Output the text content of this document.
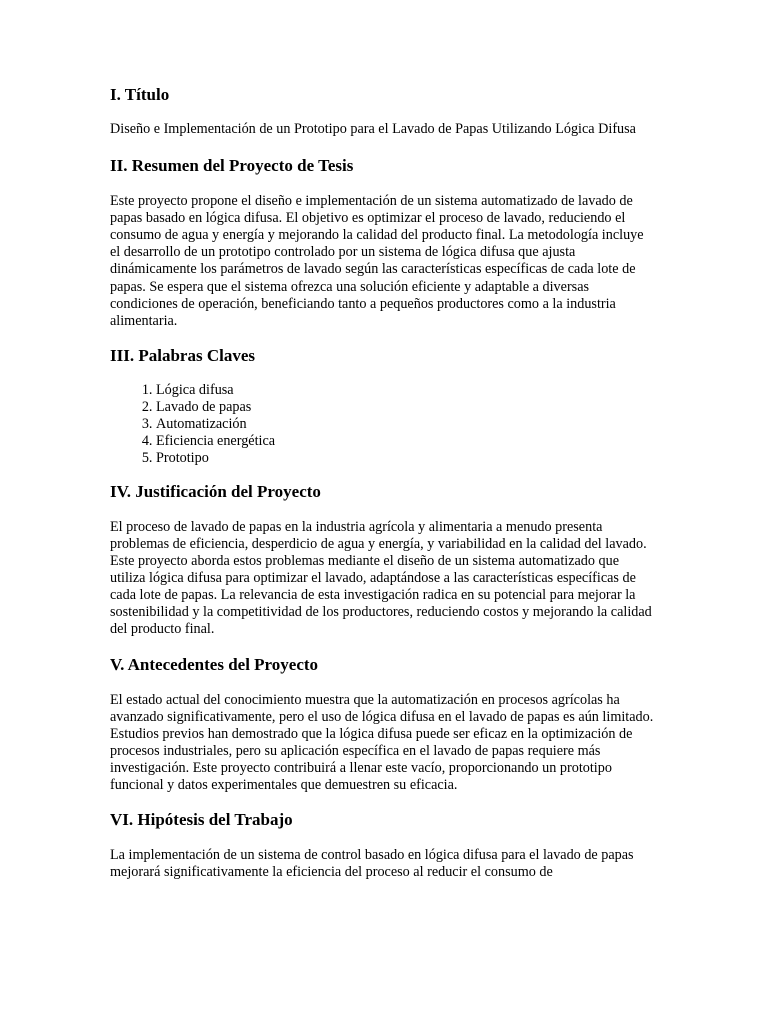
I. Título

Diseño e Implementación de un Prototipo para el Lavado de Papas Utilizando Lógica Difusa

II. Resumen del Proyecto de Tesis

Este proyecto propone el diseño e implementación de un sistema automatizado de lavado de papas basado en lógica difusa. El objetivo es optimizar el proceso de lavado, reduciendo el consumo de agua y energía y mejorando la calidad del producto final. La metodología incluye el desarrollo de un prototipo controlado por un sistema de lógica difusa que ajusta dinámicamente los parámetros de lavado según las características específicas de cada lote de papas. Se espera que el sistema ofrezca una solución eficiente y adaptable a diversas condiciones de operación, beneficiando tanto a pequeños productores como a la industria alimentaria.

III. Palabras Claves
1. Lógica difusa
2. Lavado de papas
3. Automatización
4. Eficiencia energética
5. Prototipo
IV. Justificación del Proyecto

El proceso de lavado de papas en la industria agrícola y alimentaria a menudo presenta problemas de eficiencia, desperdicio de agua y energía, y variabilidad en la calidad del lavado. Este proyecto aborda estos problemas mediante el diseño de un sistema automatizado que utiliza lógica difusa para optimizar el lavado, adaptándose a las características específicas de cada lote de papas. La relevancia de esta investigación radica en su potencial para mejorar la sostenibilidad y la competitividad de los productores, reduciendo costos y mejorando la calidad del producto final.

V. Antecedentes del Proyecto

El estado actual del conocimiento muestra que la automatización en procesos agrícolas ha avanzado significativamente, pero el uso de lógica difusa en el lavado de papas es aún limitado. Estudios previos han demostrado que la lógica difusa puede ser eficaz en la optimización de procesos industriales, pero su aplicación específica en el lavado de papas requiere más investigación. Este proyecto contribuirá a llenar este vacío, proporcionando un prototipo funcional y datos experimentales que demuestren su eficacia.

VI. Hipótesis del Trabajo

La implementación de un sistema de control basado en lógica difusa para el lavado de papas mejorará significativamente la eficiencia del proceso al reducir el consumo de
